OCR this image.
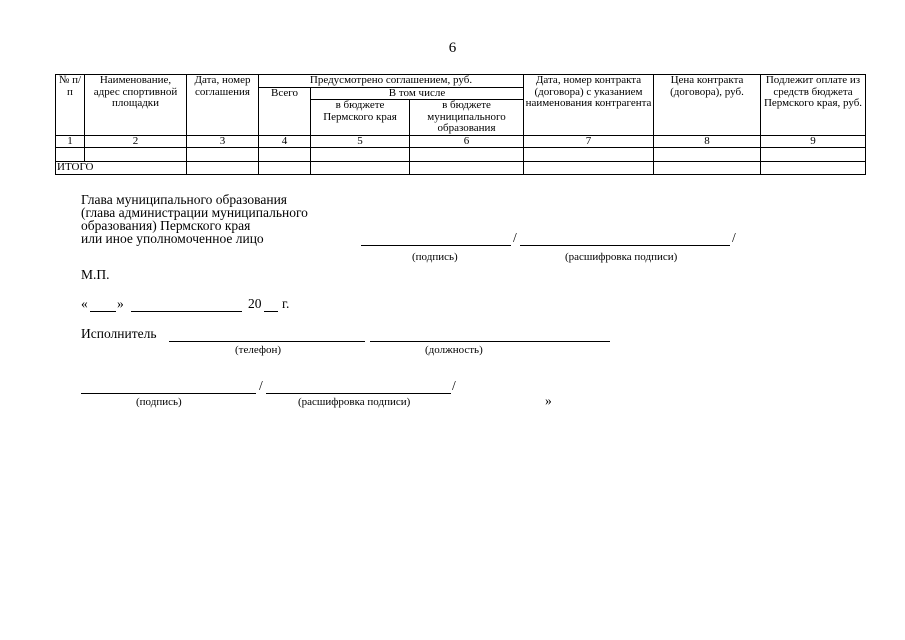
6
№ п/п	Наименование, адрес спортивной площадки	Дата, номер соглашения	Предусмотрено соглашением, руб.			Дата, номер контракта (договора) с указанием наименования контрагента	Цена контракта (договора), руб.	Подлежит оплате из средств бюджета Пермского края, руб.
			Всего	В том числе				
				в бюджете Пермского края	в бюджете муниципального образования			
1	2	3	4	5	6	7	8	9

ИТОГО								
Глава муниципального образования
(глава администрации муниципального
образования) Пермского края
или иное уполномоченное лицо	/	/
(подпись)	(расшифровка подписи)
М.П.
« »	20 г.
Исполнитель
(телефон)	(должность)
/	/
(подпись)	(расшифровка подписи)	»
